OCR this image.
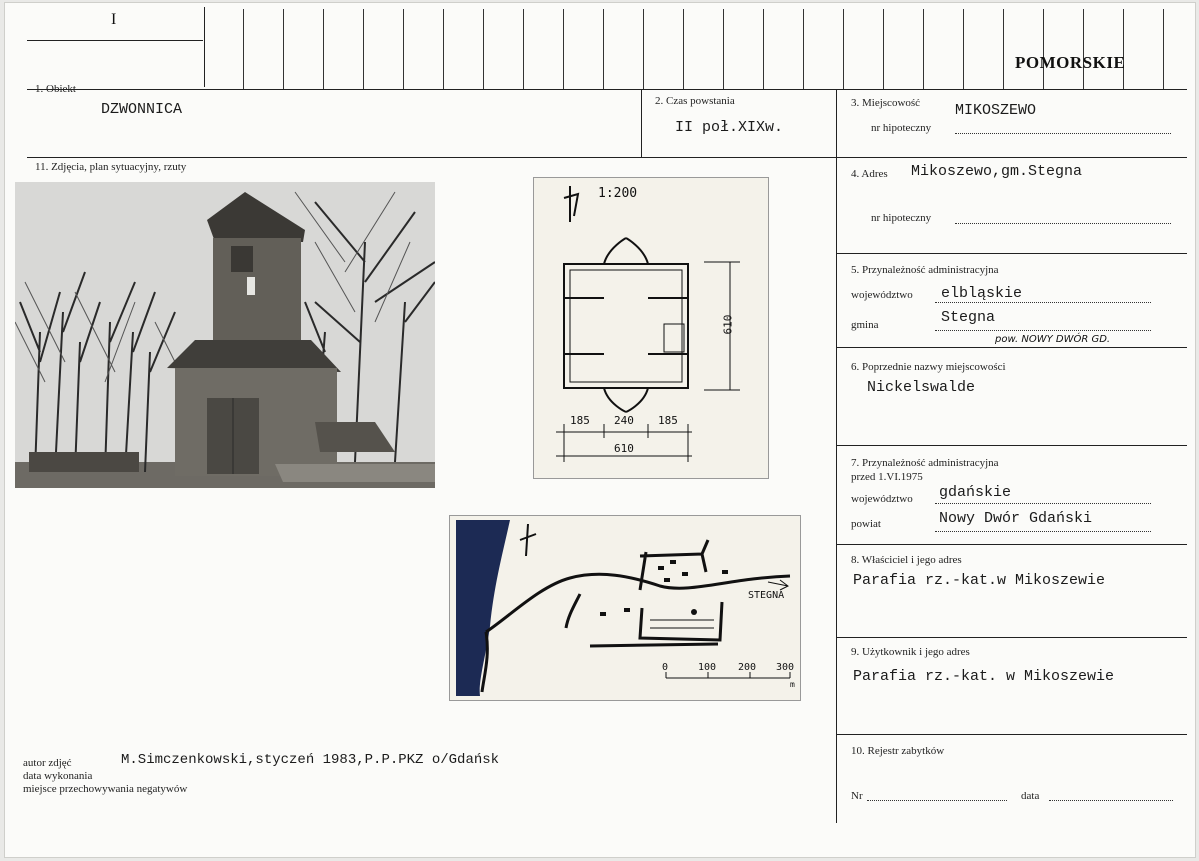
I
POMORSKIE
1. Obiekt
DZWONNICA	2. Czas powstania
II poł.XIXw.
3. Miejscowość MIKOSZEWO
nr hipoteczny
11. Zdjęcia, plan sytuacyjny, rzuty
1:200
610
185 240 185
610
STEGNA
0	100 200 300
m
4. Adres Mikoszewo,gm.Stegna
nr hipoteczny
5. Przynależność administracyjna
województwo elbląskie
gmina	Stegna
pow. NOWY DWÓR GD.
6. Poprzednie nazwy miejscowości
Nickelswalde
7. Przynależność administracyjna
przed 1.VI.1975
województwo gdańskie
powiat	Nowy Dwór Gdański
8. Właściciel i jego adres
Parafia rz.-kat.w Mikoszewie
9. Użytkownik i jego adres
Parafia rz.-kat. w Mikoszewie
10. Rejestr zabytków
Nr	data
autor zdjęć
data wykonania
miejsce przechowywania negatywów
M.Simczenkowski,styczeń 1983,P.P.PKZ o/Gdańsk
